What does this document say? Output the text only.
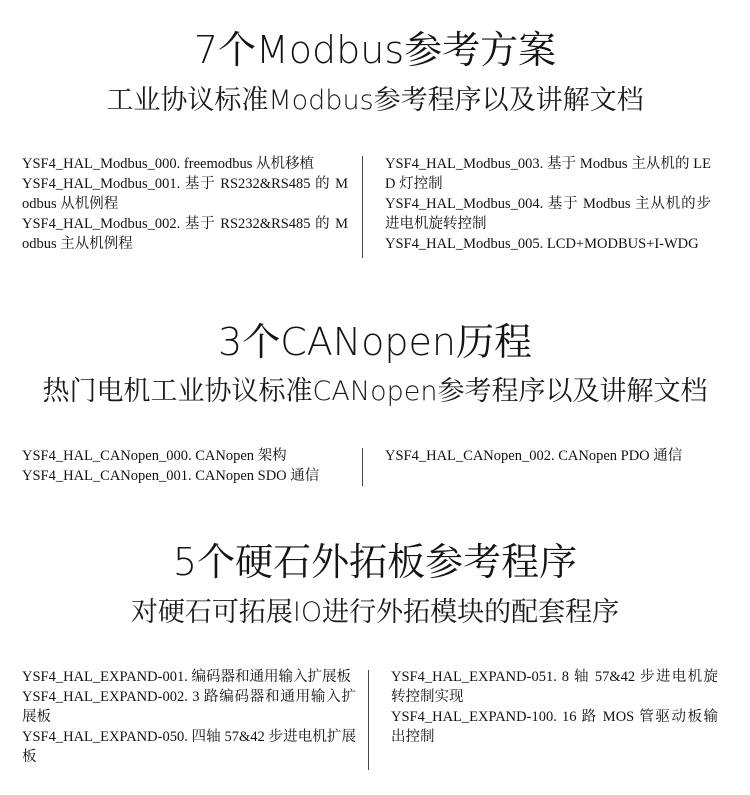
7个Modbus参考方案
工业协议标准Modbus参考程序以及讲解文档
YSF4_HAL_Modbus_000. freemodbus 从机移植
YSF4_HAL_Modbus_001. 基于 RS232&RS485 的 Modbus 从机例程
YSF4_HAL_Modbus_002. 基于 RS232&RS485 的 Modbus 主从机例程
YSF4_HAL_Modbus_003. 基于 Modbus 主从机的 LED 灯控制
YSF4_HAL_Modbus_004. 基于 Modbus 主从机的步进电机旋转控制
YSF4_HAL_Modbus_005. LCD+MODBUS+I-WDG
3个CANopen历程
热门电机工业协议标准CANopen参考程序以及讲解文档
YSF4_HAL_CANopen_000. CANopen 架构
YSF4_HAL_CANopen_001. CANopen SDO 通信
YSF4_HAL_CANopen_002. CANopen PDO 通信
5个硬石外拓板参考程序
对硬石可拓展IO进行外拓模块的配套程序
YSF4_HAL_EXPAND-001. 编码器和通用输入扩展板
YSF4_HAL_EXPAND-002. 3 路编码器和通用输入扩展板
YSF4_HAL_EXPAND-050. 四轴 57&42 步进电机扩展板
YSF4_HAL_EXPAND-051. 8 轴 57&42 步进电机旋转控制实现
YSF4_HAL_EXPAND-100. 16 路 MOS 管驱动板输出控制
